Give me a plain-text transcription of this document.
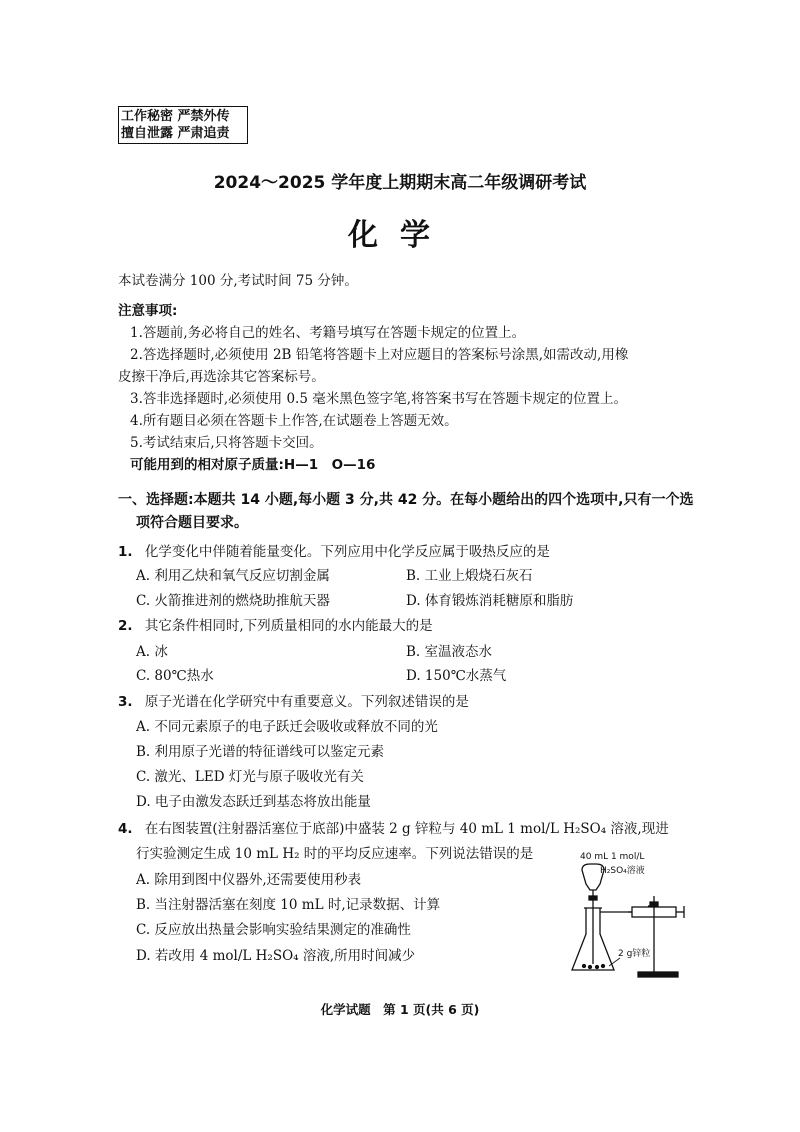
工作秘密 严禁外传
擅自泄露 严肃追责
2024～2025 学年度上期期末高二年级调研考试
化学
本试卷满分 100 分,考试时间 75 分钟。
注意事项:
1.答题前,务必将自己的姓名、考籍号填写在答题卡规定的位置上。
2.答选择题时,必须使用 2B 铅笔将答题卡上对应题目的答案标号涂黑,如需改动,用橡
皮擦干净后,再选涂其它答案标号。
3.答非选择题时,必须使用 0.5 毫米黑色签字笔,将答案书写在答题卡规定的位置上。
4.所有题目必须在答题卡上作答,在试题卷上答题无效。
5.考试结束后,只将答题卡交回。
可能用到的相对原子质量:H—1　O—16
一、选择题:本题共 14 小题,每小题 3 分,共 42 分。在每小题给出的四个选项中,只有一个选
项符合题目要求。
1. 化学变化中伴随着能量变化。下列应用中化学反应属于吸热反应的是
A. 利用乙炔和氧气反应切割金属	B. 工业上煅烧石灰石
C. 火箭推进剂的燃烧助推航天器	D. 体育锻炼消耗糖原和脂肪
2. 其它条件相同时,下列质量相同的水内能最大的是
A. 冰	B. 室温液态水
C. 80℃热水	D. 150℃水蒸气
3. 原子光谱在化学研究中有重要意义。下列叙述错误的是
A. 不同元素原子的电子跃迁会吸收或释放不同的光
B. 利用原子光谱的特征谱线可以鉴定元素
C. 激光、LED 灯光与原子吸收光有关
D. 电子由激发态跃迁到基态将放出能量
4. 在右图装置(注射器活塞位于底部)中盛装 2 g 锌粒与 40 mL 1 mol/L H₂SO₄ 溶液,现进
行实验测定生成 10 mL H₂ 时的平均反应速率。下列说法错误的是
A. 除用到图中仪器外,还需要使用秒表
B. 当注射器活塞在刻度 10 mL 时,记录数据、计算
C. 反应放出热量会影响实验结果测定的准确性
D. 若改用 4 mol/L H₂SO₄ 溶液,所用时间减少
40 mL 1 mol/L
H₂SO₄溶液
2 g锌粒
化学试题　第 1 页(共 6 页)
